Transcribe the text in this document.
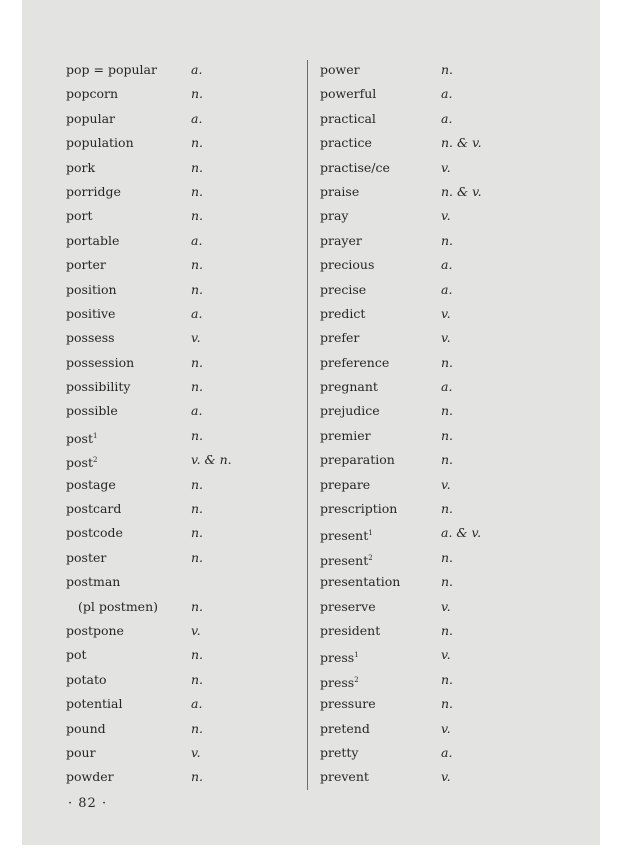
pop = popular	a.
popcorn	n.
popular	a.
population	n.
pork	n.
porridge	n.
port	n.
portable	a.
porter	n.
position	n.
positive	a.
possess	v.
possession	n.
possibility	n.
possible	a.
post$^1$	n.
post$^2$	v. & n.
postage	n.
postcard	n.
postcode	n.
poster	n.
postman
(pl postmen)	n.
postpone	v.
pot	n.
potato	n.
potential	a.
pound	n.
pour	v.
powder	n.
power	n.
powerful	a.
practical	a.
practice	n. & v.
practise/ce	v.
praise	n. & v.
pray	v.
prayer	n.
precious	a.
precise	a.
predict	v.
prefer	v.
preference	n.
pregnant	a.
prejudice	n.
premier	n.
preparation	n.
prepare	v.
prescription	n.
present$^1$	a. & v.
present$^2$	n.
presentation	n.
preserve	v.
president	n.
press$^1$	v.
press$^2$	n.
pressure	n.
pretend	v.
pretty	a.
prevent	v.
· 82 ·
